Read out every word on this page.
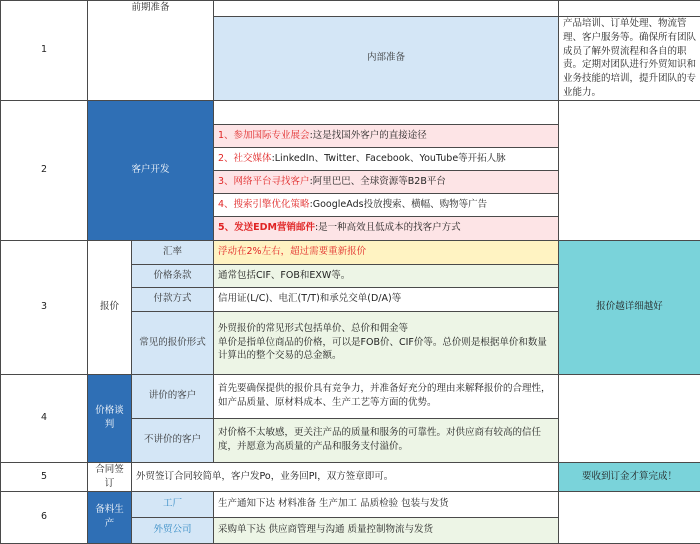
1	前期准备				
			内部准备	产品培训、订单处理、物流管理、客户服务等。确保所有团队成员了解外贸流程和各自的职责。定期对团队进行外贸知识和业务技能的培训，提升团队的专业能力。	
2	客户开发				
			1、参加国际专业展会:这是找国外客户的直接途径		
			2、社交媒体:LinkedIn、Twitter、Facebook、YouTube等开拓人脉		
			3、网络平台寻找客户:阿里巴巴、全球资源等B2B平台		
			4、搜索引擎优化策略:GoogleAds投放搜索、横幅、购物等广告		
			5、发送EDM营销邮件:是一种高效且低成本的找客户方式		
3	报价	汇率	浮动在2%左右，超过需要重新报价	报价越详细越好	
		价格条款	通常包括CIF、FOB和EXW等。		
		付款方式	信用证(L/C)、电汇(T/T)和承兑交单(D/A)等		
		常见的报价形式	外贸报价的常见形式包括单价、总价和佣金等
单价是指单位商品的价格，可以是FOB价、CIF价等。总价则是根据单价和数量计算出的整个交易的总金额。		
4	价格谈判	讲价的客户	首先要确保提供的报价具有竞争力，并准备好充分的理由来解释报价的合理性，如产品质量、原材料成本、生产工艺等方面的优势。		
		不讲价的客户	对价格不太敏感，更关注产品的质量和服务的可靠性。对供应商有较高的信任度，并愿意为高质量的产品和服务支付溢价。		
5	合同签订	外贸签订合同较简单，客户发Po，业务回PI，双方签章即可。		要收到订金才算完成！	
6	备料生产	工厂	生产通知下达 材料准备 生产加工 品质检验 包装与发货		
		外贸公司	采购单下达 供应商管理与沟通 质量控制物流与发货		
